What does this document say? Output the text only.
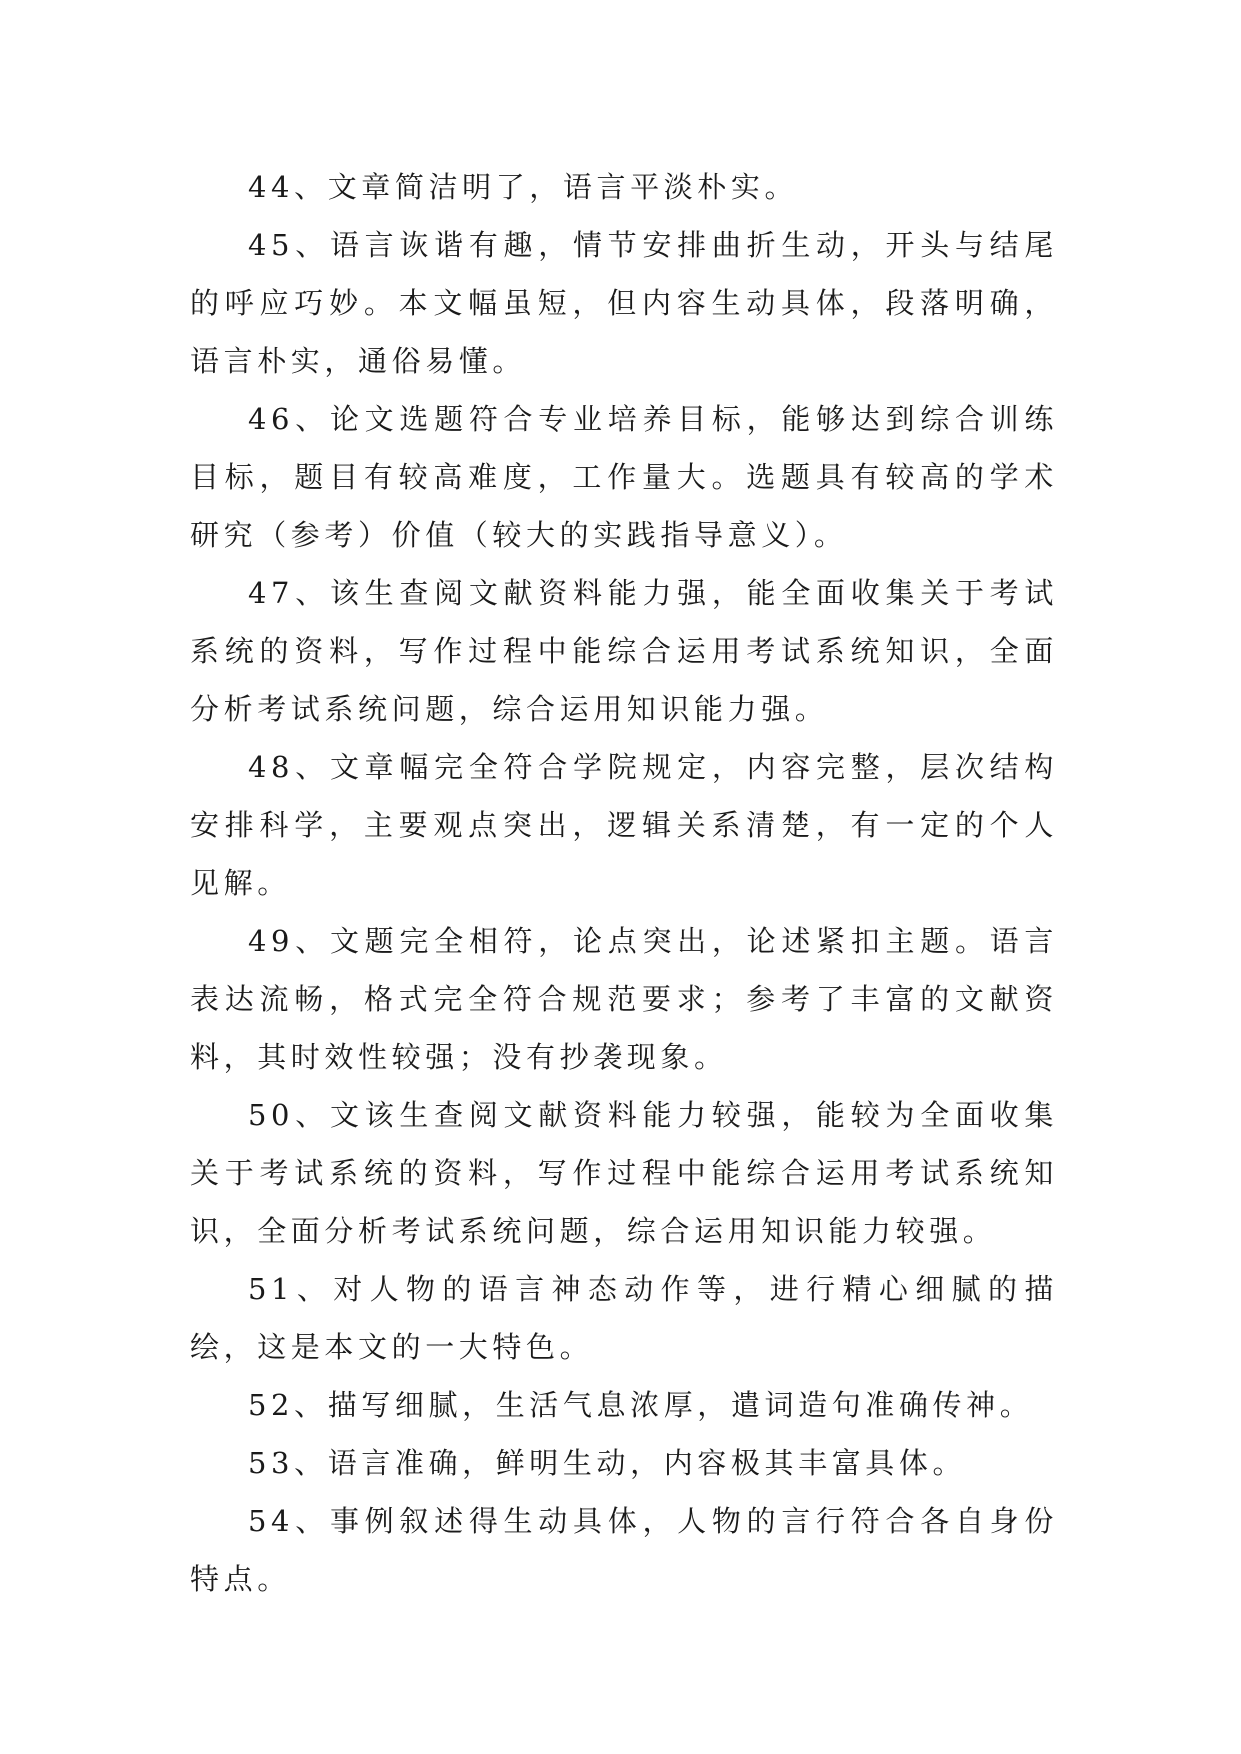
44、文章简洁明了，语言平淡朴实。

45、语言诙谐有趣，情节安排曲折生动，开头与结尾的呼应巧妙。本文幅虽短，但内容生动具体，段落明确，语言朴实，通俗易懂。

46、论文选题符合专业培养目标，能够达到综合训练目标，题目有较高难度，工作量大。选题具有较高的学术研究（参考）价值（较大的实践指导意义）。

47、该生查阅文献资料能力强，能全面收集关于考试系统的资料，写作过程中能综合运用考试系统知识，全面分析考试系统问题，综合运用知识能力强。

48、文章幅完全符合学院规定，内容完整，层次结构安排科学，主要观点突出，逻辑关系清楚，有一定的个人见解。

49、文题完全相符，论点突出，论述紧扣主题。语言表达流畅，格式完全符合规范要求；参考了丰富的文献资料，其时效性较强；没有抄袭现象。

50、文该生查阅文献资料能力较强，能较为全面收集关于考试系统的资料，写作过程中能综合运用考试系统知识，全面分析考试系统问题，综合运用知识能力较强。

51、对人物的语言神态动作等，进行精心细腻的描绘，这是本文的一大特色。

52、描写细腻，生活气息浓厚，遣词造句准确传神。

53、语言准确，鲜明生动，内容极其丰富具体。

54、事例叙述得生动具体，人物的言行符合各自身份特点。
